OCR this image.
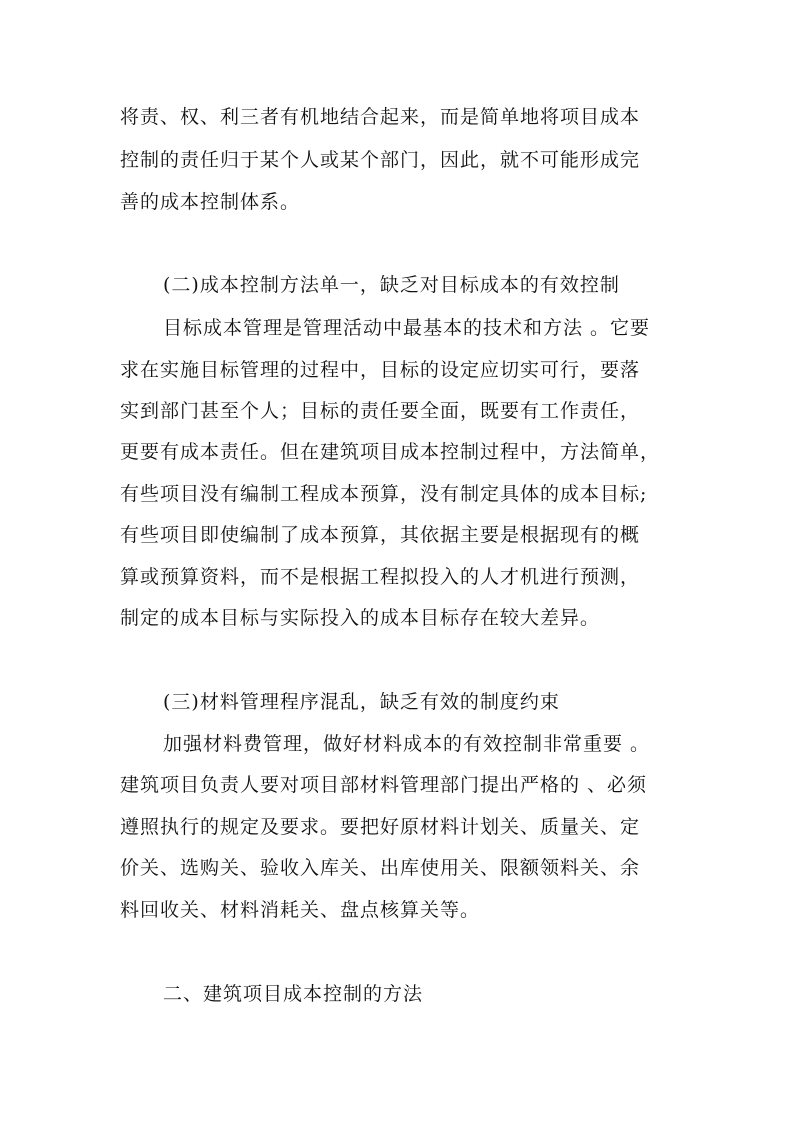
将责、权、利三者有机地结合起来，而是简单地将项目成本
控制的责任归于某个人或某个部门，因此，就不可能形成完
善的成本控制体系。
(二)成本控制方法单一，缺乏对目标成本的有效控制
目标成本管理是管理活动中最基本的技术和方法 。它要
求在实施目标管理的过程中，目标的设定应切实可行，要落
实到部门甚至个人；目标的责任要全面，既要有工作责任，
更要有成本责任。但在建筑项目成本控制过程中，方法简单，
有些项目没有编制工程成本预算，没有制定具体的成本目标;
有些项目即使编制了成本预算，其依据主要是根据现有的概
算或预算资料，而不是根据工程拟投入的人才机进行预测，
制定的成本目标与实际投入的成本目标存在较大差异。
(三)材料管理程序混乱，缺乏有效的制度约束
加强材料费管理，做好材料成本的有效控制非常重要 。
建筑项目负责人要对项目部材料管理部门提出严格的 、必须
遵照执行的规定及要求。要把好原材料计划关、质量关、定
价关、选购关、验收入库关、出库使用关、限额领料关、余
料回收关、材料消耗关、盘点核算关等。
二、建筑项目成本控制的方法
